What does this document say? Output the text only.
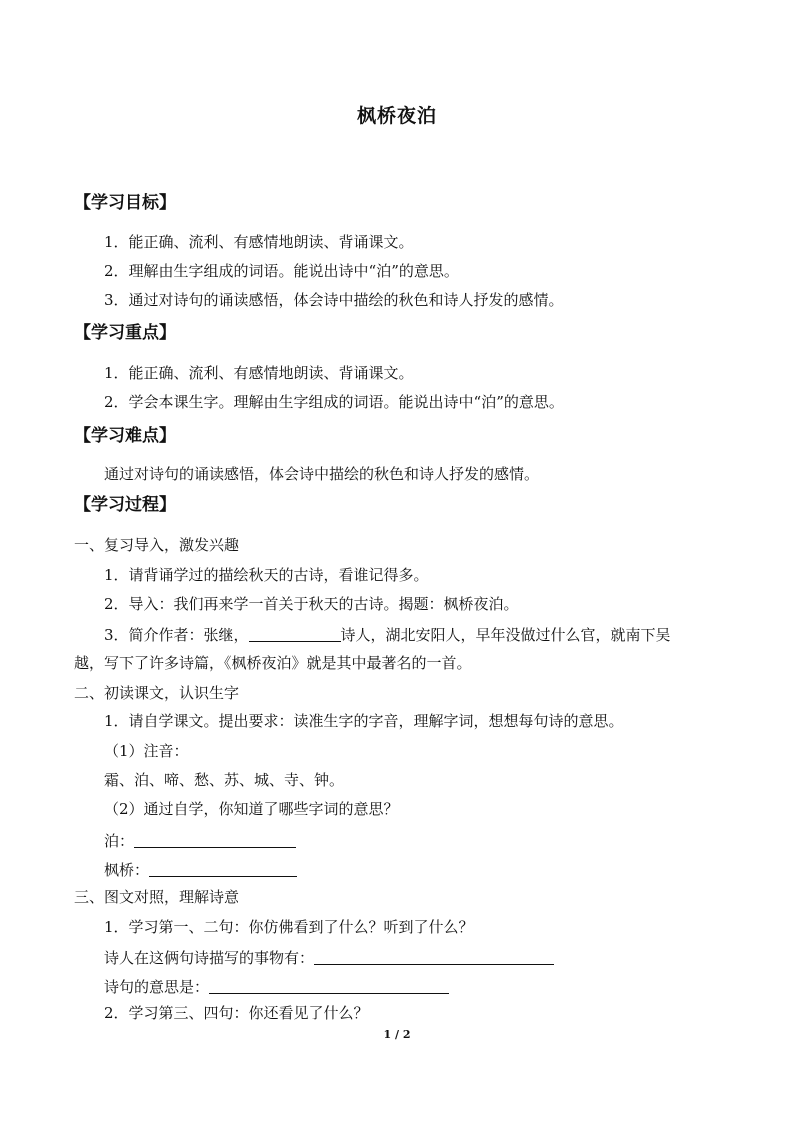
枫桥夜泊
【学习目标】
1．能正确、流利、有感情地朗读、背诵课文。
2．理解由生字组成的词语。能说出诗中“泊”的意思。
3．通过对诗句的诵读感悟，体会诗中描绘的秋色和诗人抒发的感情。
【学习重点】
1．能正确、流利、有感情地朗读、背诵课文。
2．学会本课生字。理解由生字组成的词语。能说出诗中“泊”的意思。
【学习难点】
通过对诗句的诵读感悟，体会诗中描绘的秋色和诗人抒发的感情。
【学习过程】
一、复习导入，激发兴趣
1．请背诵学过的描绘秋天的古诗，看谁记得多。
2．导入：我们再来学一首关于秋天的古诗。揭题：枫桥夜泊。
3．简介作者：张继，	诗人，湖北安阳人，早年没做过什么官，就南下吴
越，写下了许多诗篇，《枫桥夜泊》就是其中最著名的一首。
二、初读课文，认识生字
1．请自学课文。提出要求：读准生字的字音，理解字词，想想每句诗的意思。
（1）注音：
霜、泊、啼、愁、苏、城、寺、钟。
（2）通过自学，你知道了哪些字词的意思？
泊：
枫桥：
三、图文对照，理解诗意
1．学习第一、二句：你仿佛看到了什么？听到了什么？
诗人在这俩句诗描写的事物有：
诗句的意思是：
2．学习第三、四句：你还看见了什么？
1 / 2
